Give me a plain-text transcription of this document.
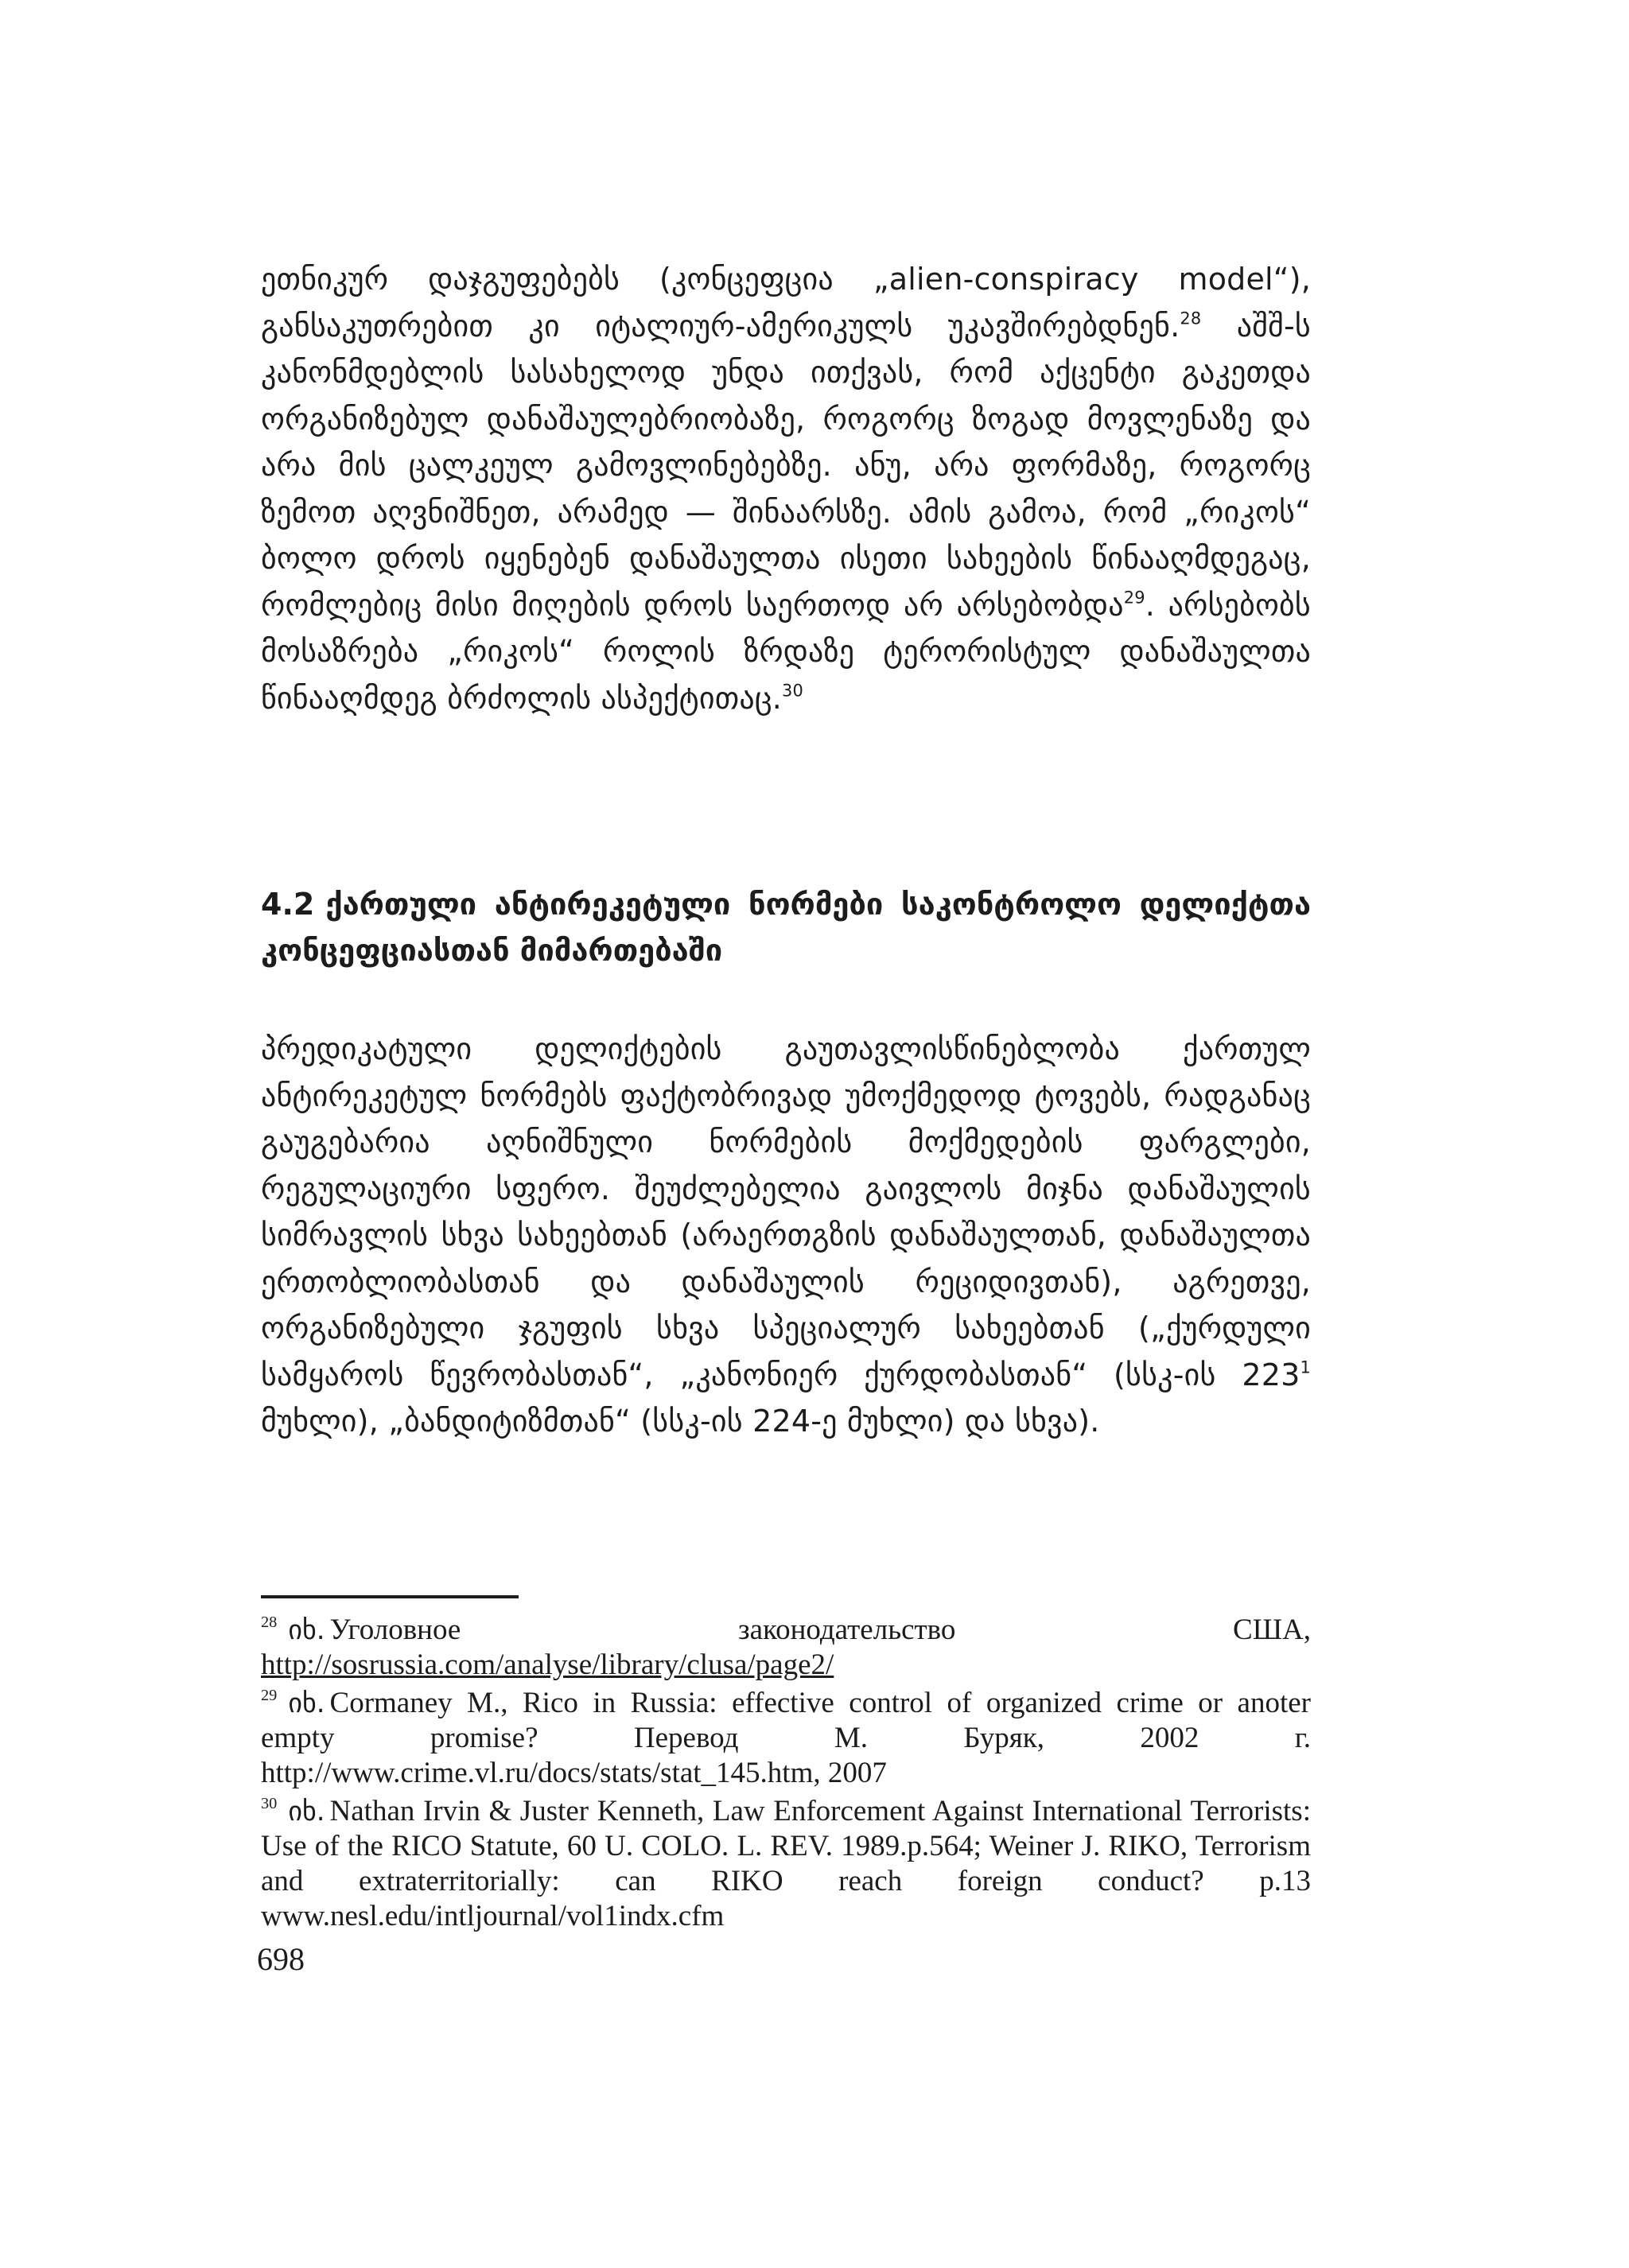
ეთნიკურ დაჯგუფებებს (კონცეფცია „alien-conspiracy model“), განსაკუთრებით კი იტალიურ-ამერიკულს უკავშირებდნენ.$^{28}$ აშშ-ს კანონმდებლის სასახელოდ უნდა ითქვას, რომ აქცენტი გაკეთდა ორგანიზებულ დანაშაულებრიობაზე, როგორც ზოგად მოვლენაზე და არა მის ცალკეულ გამოვლინებებზე. ანუ, არა ფორმაზე, როგორც ზემოთ აღვნიშნეთ, არამედ — შინაარსზე. ამის გამოა, რომ „რიკოს“ ბოლო დროს იყენებენ დანაშაულთა ისეთი სახეების წინააღმდეგაც, რომლებიც მისი მიღების დროს საერთოდ არ არსებობდა$^{29}$. არსებობს მოსაზრება „რიკოს“ როლის ზრდაზე ტერორისტულ დანაშაულთა წინააღმდეგ ბრძოლის ასპექტითაც.$^{30}$

4.2 ქართული ანტირეკეტული ნორმები საკონტროლო დელიქტთა კონცეფციასთან მიმართებაში

პრედიკატული დელიქტების გაუთავლისწინებლობა ქართულ ანტირეკეტულ ნორმებს ფაქტობრივად უმოქმედოდ ტოვებს, რადგანაც გაუგებარია აღნიშნული ნორმების მოქმედების ფარგლები, რეგულაციური სფერო. შეუძლებელია გაივლოს მიჯნა დანაშაულის სიმრავლის სხვა სახეებთან (არაერთგზის დანაშაულთან, დანაშაულთა ერთობლიობასთან და დანაშაულის რეციდივთან), აგრეთვე, ორგანიზებული ჯგუფის სხვა სპეციალურ სახეებთან („ქურდული სამყაროს წევრობასთან“, „კანონიერ ქურდობასთან“ (სსკ-ის $223^1$ მუხლი), „ბანდიტიზმთან“ (სსკ-ის 224-ე მუხლი) და სხვა).

$^{28}$ იხ. Уголовное законодательство США, http://sosrussia.com/analyse/library/clusa/page2/

$^{29}$ იხ. Cormaney M., Rico in Russia: effective control of organized crime or anoter empty promise? Перевод М. Буряк, 2002 г. http://www.crime.vl.ru/docs/stats/stat_145.htm, 2007

$^{30}$ იხ. Nathan Irvin & Juster Kenneth, Law Enforcement Against International Terrorists: Use of the RICO Statute, 60 U. COLO. L. REV. 1989.p.564; Weiner J. RIKO, Terrorism and extraterritorially: can RIKO reach foreign conduct? p.13 www.nesl.edu/intljournal/vol1indx.cfm

698
